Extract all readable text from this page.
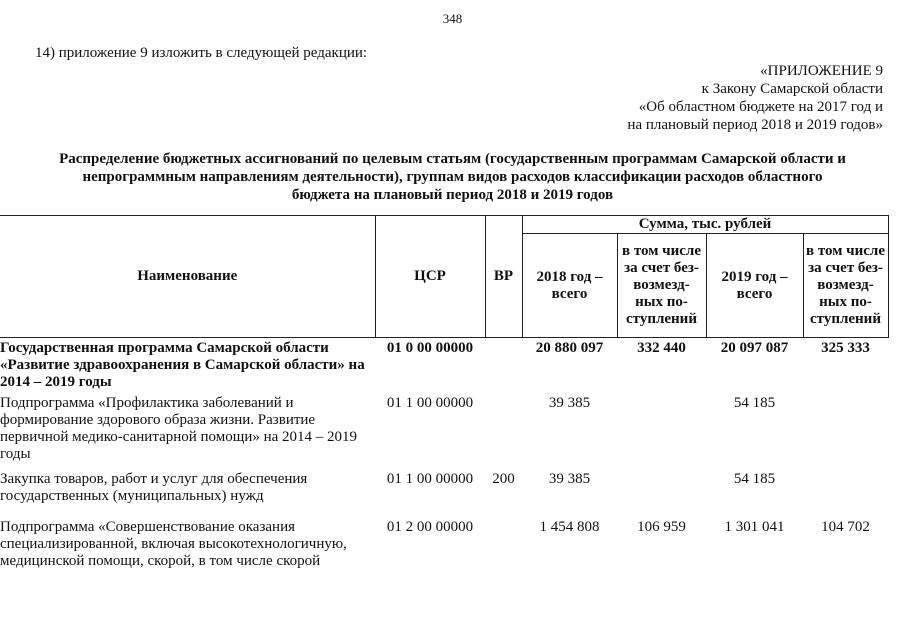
348
14) приложение 9 изложить в следующей редакции:
«ПРИЛОЖЕНИЕ 9
к Закону Самарской области
«Об областном бюджете на 2017 год и
на плановый период 2018 и 2019 годов»
Распределение бюджетных ассигнований по целевым статьям (государственным программам Самарской области и
непрограммным направлениям деятельности), группам видов расходов классификации расходов областного
бюджета на плановый период 2018 и 2019 годов
Наименование	ЦСР	ВР	Сумма, тыс. рублей			
			2018 год – всего	в том числе за счет без-возмезд-ных по-ступлений	2019 год – всего	в том числе за счет без-возмезд-ных по-ступлений
Государственная программа Самарской области «Развитие здравоохранения в Самарской области» на 2014 – 2019 годы	01 0 00 00000		20 880 097	332 440	20 097 087	325 333
Подпрограмма «Профилактика заболеваний и формирование здорового образа жизни. Развитие первичной медико-санитарной помощи» на 2014 – 2019 годы	01 1 00 00000		39 385		54 185	
Закупка товаров, работ и услуг для обеспечения государственных (муниципальных) нужд	01 1 00 00000	200	39 385		54 185	
Подпрограмма «Совершенствование оказания специализированной, включая высокотехнологичную, медицинской помощи, скорой, в том числе скорой	01 2 00 00000		1 454 808	106 959	1 301 041	104 702
